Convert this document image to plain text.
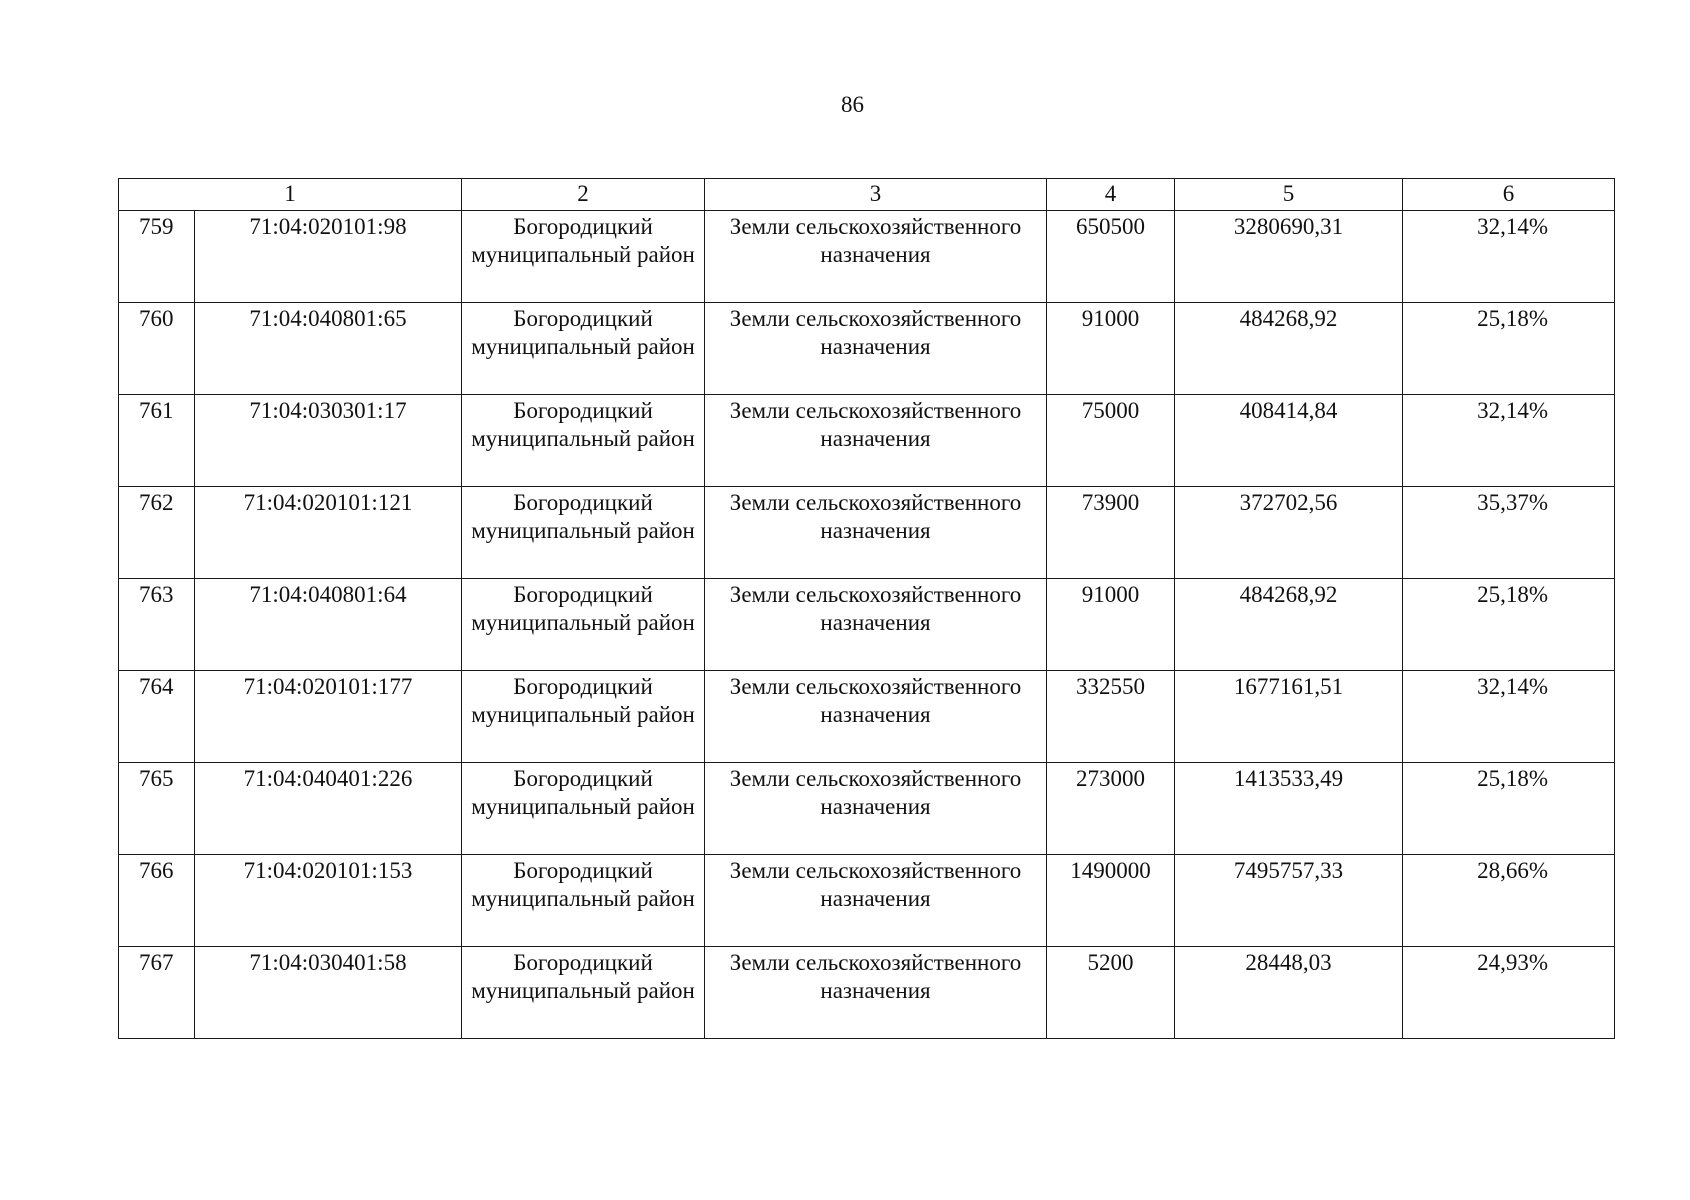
86
1		2	3	4	5	6
759	71:04:020101:98	Богородицкий муниципальный район	Земли сельскохозяйственного назначения	650500	3280690,31	32,14%
760	71:04:040801:65	Богородицкий муниципальный район	Земли сельскохозяйственного назначения	91000	484268,92	25,18%
761	71:04:030301:17	Богородицкий муниципальный район	Земли сельскохозяйственного назначения	75000	408414,84	32,14%
762	71:04:020101:121	Богородицкий муниципальный район	Земли сельскохозяйственного назначения	73900	372702,56	35,37%
763	71:04:040801:64	Богородицкий муниципальный район	Земли сельскохозяйственного назначения	91000	484268,92	25,18%
764	71:04:020101:177	Богородицкий муниципальный район	Земли сельскохозяйственного назначения	332550	1677161,51	32,14%
765	71:04:040401:226	Богородицкий муниципальный район	Земли сельскохозяйственного назначения	273000	1413533,49	25,18%
766	71:04:020101:153	Богородицкий муниципальный район	Земли сельскохозяйственного назначения	1490000	7495757,33	28,66%
767	71:04:030401:58	Богородицкий муниципальный район	Земли сельскохозяйственного назначения	5200	28448,03	24,93%
